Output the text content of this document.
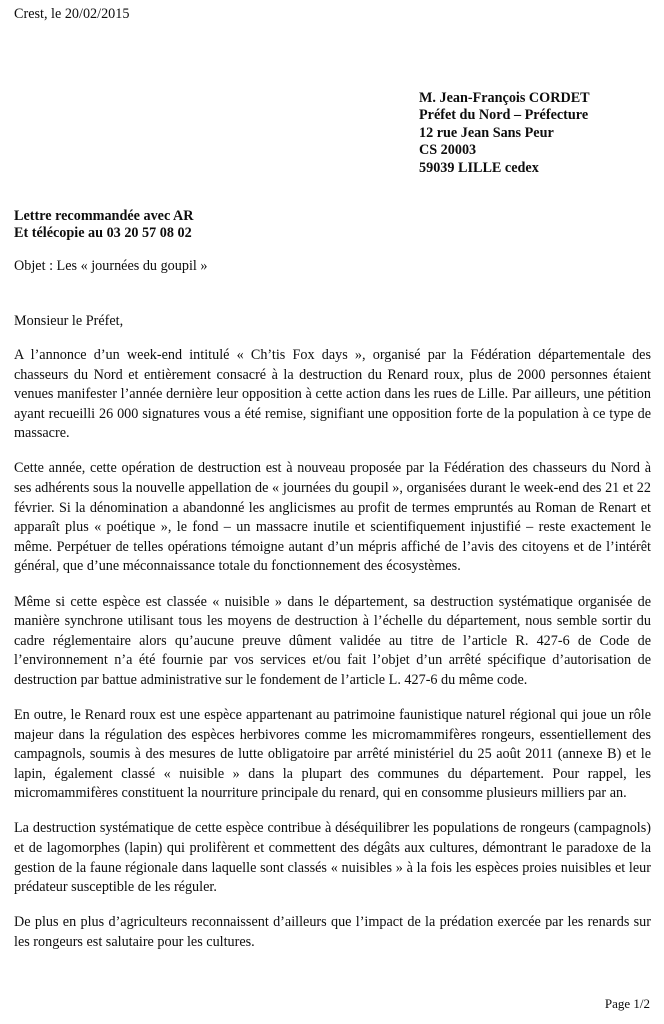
Crest, le 20/02/2015
M. Jean-François CORDET
Préfet du Nord – Préfecture
12 rue Jean Sans Peur
CS 20003
59039 LILLE cedex
Lettre recommandée avec AR
Et télécopie au 03 20 57 08 02
Objet : Les « journées du goupil »
Monsieur le Préfet,

A l’annonce d’un week-end intitulé « Ch’tis Fox days », organisé par la Fédération départementale des chasseurs du Nord et entièrement consacré à la destruction du Renard roux, plus de 2000 personnes étaient venues manifester l’année dernière leur opposition à cette action dans les rues de Lille. Par ailleurs, une pétition ayant recueilli 26 000 signatures vous a été remise, signifiant une opposition forte de la population à ce type de massacre.

Cette année, cette opération de destruction est à nouveau proposée par la Fédération des chasseurs du Nord à ses adhérents sous la nouvelle appellation de « journées du goupil », organisées durant le week-end des 21 et 22 février. Si la dénomination a abandonné les anglicismes au profit de termes empruntés au Roman de Renart et apparaît plus « poétique », le fond – un massacre inutile et scientifiquement injustifié – reste exactement le même. Perpétuer de telles opérations témoigne autant d’un mépris affiché de l’avis des citoyens et de l’intérêt général, que d’une méconnaissance totale du fonctionnement des écosystèmes.

Même si cette espèce est classée « nuisible » dans le département, sa destruction systématique organisée de manière synchrone utilisant tous les moyens de destruction à l’échelle du département, nous semble sortir du cadre réglementaire alors qu’aucune preuve dûment validée au titre de l’article R. 427-6 de Code de l’environnement n’a été fournie par vos services et/ou fait l’objet d’un arrêté spécifique d’autorisation de destruction par battue administrative sur le fondement de l’article L. 427-6 du même code.

En outre, le Renard roux est une espèce appartenant au patrimoine faunistique naturel régional qui joue un rôle majeur dans la régulation des espèces herbivores comme les micromammifères rongeurs, essentiellement des campagnols, soumis à des mesures de lutte obligatoire par arrêté ministériel du 25 août 2011 (annexe B) et le lapin, également classé « nuisible » dans la plupart des communes du département. Pour rappel, les micromammifères constituent la nourriture principale du renard, qui en consomme plusieurs milliers par an.

La destruction systématique de cette espèce contribue à déséquilibrer les populations de rongeurs (campagnols) et de lagomorphes (lapin) qui prolifèrent et commettent des dégâts aux cultures, démontrant le paradoxe de la gestion de la faune régionale dans laquelle sont classés « nuisibles » à la fois les espèces proies nuisibles et leur prédateur susceptible de les réguler.

De plus en plus d’agriculteurs reconnaissent d’ailleurs que l’impact de la prédation exercée par les renards sur les rongeurs est salutaire pour les cultures.

Page 1/2
